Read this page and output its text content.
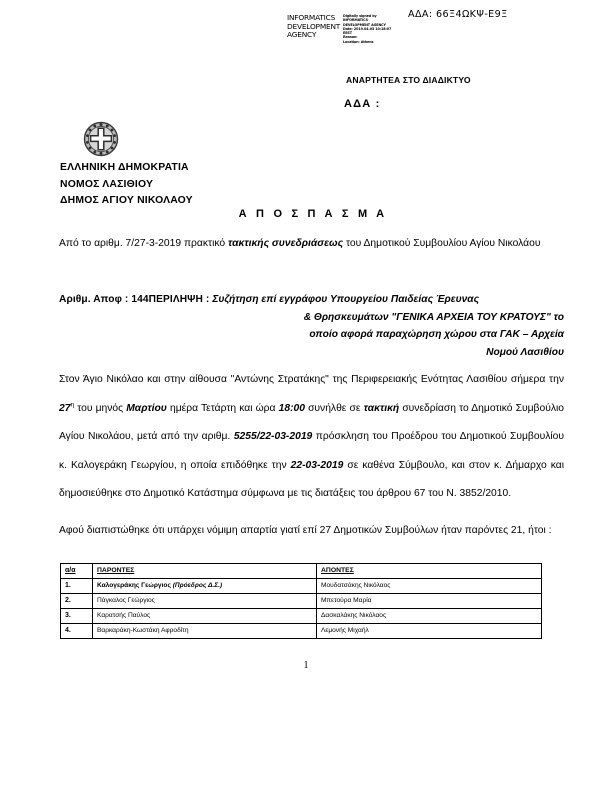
INFORMATICS DEVELOPMENT AGENCY
Digitally signed by
INFORMATICS
DEVELOPMENT AGENCY
Date: 2019.04.03 10:18:07
EEST
Reason:
Location: Athens
ΑΔΑ: 66Ξ4ΩΚΨ-Ε9Ξ
ΑΝΑΡΤΗΤΕΑ ΣΤΟ ΔΙΑΔΙΚΤΥΟ
ΑΔΑ :
ΕΛΛΗΝΙΚΗ ΔΗΜΟΚΡΑΤΙΑ
ΝΟΜΟΣ ΛΑΣΙΘΙΟΥ
ΔΗΜΟΣ ΑΓΙΟΥ ΝΙΚΟΛΑΟΥ
Α Π Ο Σ Π Α Σ Μ Α
Από το αριθμ. 7/27-3-2019 πρακτικό τακτικής συνεδριάσεως του Δημοτικού Συμβουλίου Αγίου Νικολάου
Αριθμ. Αποφ : 144ΠΕΡΙΛΗΨΗ : Συζήτηση επί εγγράφου Υπουργείου Παιδείας Έρευνας
& Θρησκευμάτων "ΓΕΝΙΚΑ ΑΡΧΕΙΑ ΤΟΥ ΚΡΑΤΟΥΣ" το
οποίο αφορά παραχώρηση χώρου στα ΓΑΚ – Αρχεία
Νομού Λασιθίου
Στον Άγιο Νικόλαο και στην αίθουσα "Αντώνης Στρατάκης" της Περιφερειακής Ενότητας Λασιθίου σήμερα την $27^\eta$ του μηνός Μαρτίου ημέρα Τετάρτη και ώρα 18:00 συνήλθε σε τακτική συνεδρίαση το Δημοτικό Συμβούλιο Αγίου Νικολάου, μετά από την αριθμ. 5255/22-03-2019 πρόσκληση του Προέδρου του Δημοτικού Συμβουλίου κ. Καλογεράκη Γεωργίου, η οποία επιδόθηκε την 22-03-2019 σε καθένα Σύμβουλο, και στον κ. Δήμαρχο και δημοσιεύθηκε στο Δημοτικό Κατάστημα σύμφωνα με τις διατάξεις του άρθρου 67 του Ν. 3852/2010.
Αφού διαπιστώθηκε ότι υπάρχει νόμιμη απαρτία γιατί επί 27 Δημοτικών Συμβούλων ήταν παρόντες 21, ήτοι :
α/α	ΠΑΡΟΝΤΕΣ	ΑΠΟΝΤΕΣ
1.	Καλογεράκης Γεώργιος (Πρόεδρος Δ.Σ.)	Μουδατσάκης Νικόλαος
2.	Πάγκαλος Γεώργιος	Μπετούρα Μαρία
3.	Καρατσής Παύλος	Δασκαλάκης Νικόλαος
4.	Βαρκαράκη-Κωστάκη Αφροδίτη	Λεμονής Μιχαήλ
1
